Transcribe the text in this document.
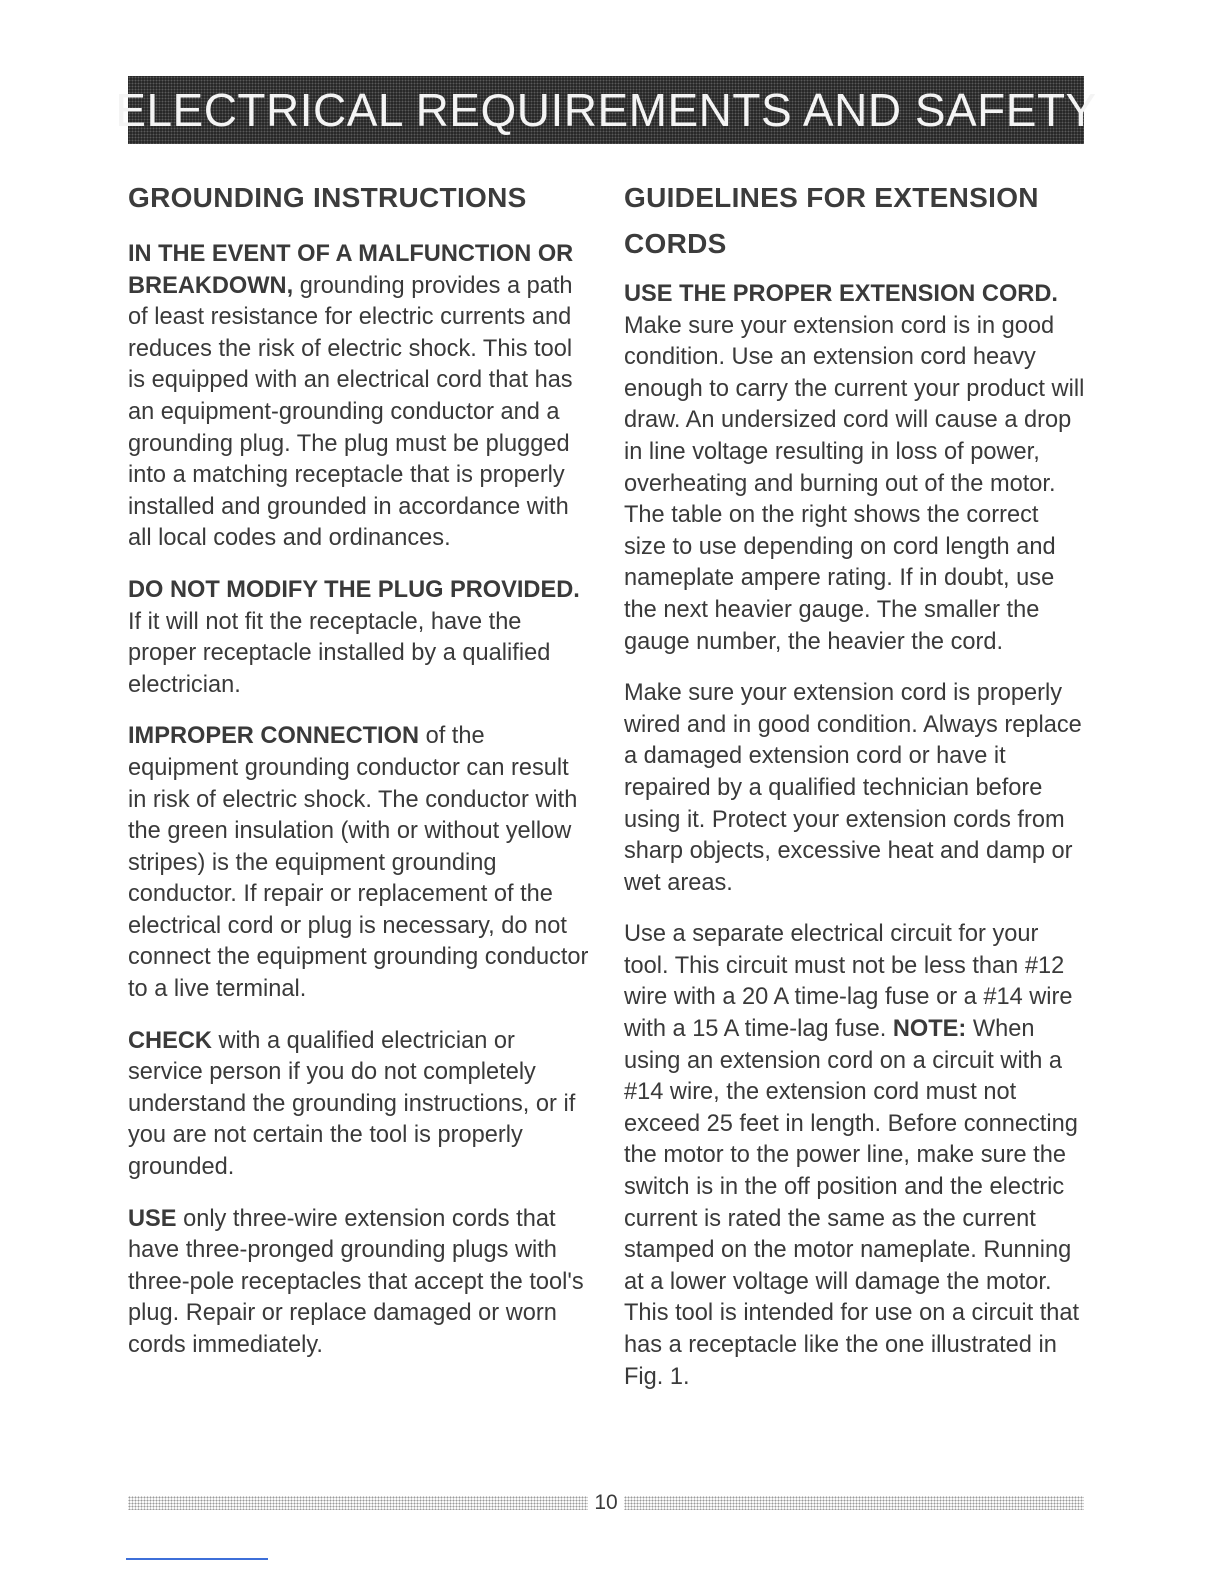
ELECTRICAL REQUIREMENTS AND SAFETY
GROUNDING INSTRUCTIONS

IN THE EVENT OF A MALFUNCTION OR BREAKDOWN, grounding provides a path of least resistance for electric currents and reduces the risk of electric shock. This tool is equipped with an electrical cord that has an equipment-grounding conductor and a grounding plug. The plug must be plugged into a matching receptacle that is properly installed and grounded in accordance with all local codes and ordinances.

DO NOT MODIFY THE PLUG PROVIDED. If it will not fit the receptacle, have the proper receptacle installed by a qualified electrician.

IMPROPER CONNECTION of the equipment grounding conductor can result in risk of electric shock. The conductor with the green insulation (with or without yellow stripes) is the equipment grounding conductor. If repair or replacement of the electrical cord or plug is necessary, do not connect the equipment grounding conductor to a live terminal.

CHECK with a qualified electrician or service person if you do not completely understand the grounding instructions, or if you are not certain the tool is properly grounded.

USE only three-wire extension cords that have three-pronged grounding plugs with three-pole receptacles that accept the tool's plug. Repair or replace damaged or worn cords immediately.

GUIDELINES FOR EXTENSION CORDS

USE THE PROPER EXTENSION CORD. Make sure your extension cord is in good condition. Use an extension cord heavy enough to carry the current your product will draw. An undersized cord will cause a drop in line voltage resulting in loss of power, overheating and burning out of the motor. The table on the right shows the correct size to use depending on cord length and nameplate ampere rating. If in doubt, use the next heavier gauge. The smaller the gauge number, the heavier the cord.

Make sure your extension cord is properly wired and in good condition. Always replace a damaged extension cord or have it repaired by a qualified technician before using it. Protect your extension cords from sharp objects, excessive heat and damp or wet areas.

Use a separate electrical circuit for your tool. This circuit must not be less than #12 wire with a 20 A time-lag fuse or a #14 wire with a 15 A time-lag fuse. NOTE: When using an extension cord on a circuit with a #14 wire, the extension cord must not exceed 25 feet in length. Before connecting the motor to the power line, make sure the switch is in the off position and the electric current is rated the same as the current stamped on the motor nameplate. Running at a lower voltage will damage the motor. This tool is intended for use on a circuit that has a receptacle like the one illustrated in Fig. 1.

10
